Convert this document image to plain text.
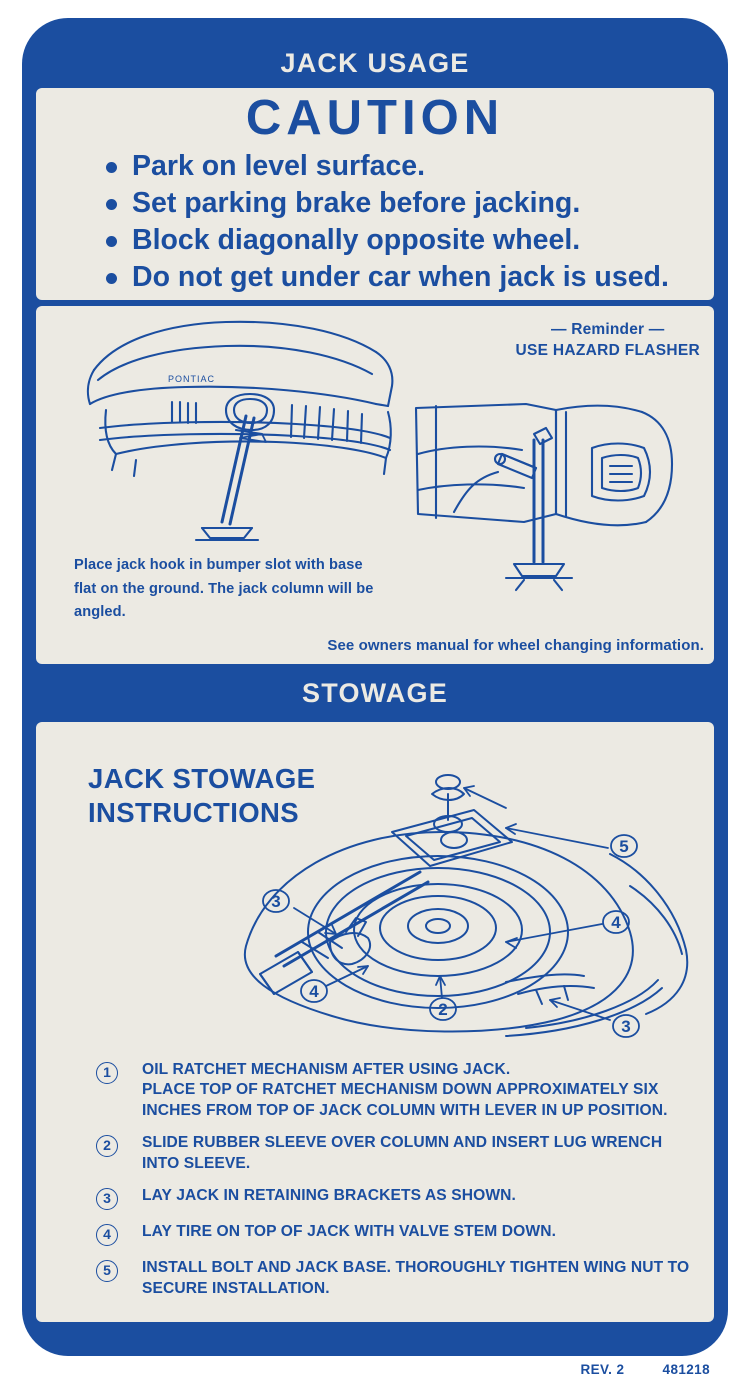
JACK USAGE
CAUTION
Park on level surface.
Set parking brake before jacking.
Block diagonally opposite wheel.
Do not get under car when jack is used.
— Reminder —
USE HAZARD FLASHER
PONTIAC
Place jack hook in bumper slot with base flat on the ground. The jack column will be angled.
See owners manual for wheel changing information.
STOWAGE
JACK STOWAGE
INSTRUCTIONS
5
3
4
4
2
3
1	OIL RATCHET MECHANISM AFTER USING JACK.
PLACE TOP OF RATCHET MECHANISM DOWN APPROXIMATELY SIX INCHES FROM TOP OF JACK COLUMN WITH LEVER IN UP POSITION.
2	SLIDE RUBBER SLEEVE OVER COLUMN AND INSERT LUG WRENCH INTO SLEEVE.
3	LAY JACK IN RETAINING BRACKETS AS SHOWN.
4	LAY TIRE ON TOP OF JACK WITH VALVE STEM DOWN.
5	INSTALL BOLT AND JACK BASE. THOROUGHLY TIGHTEN WING NUT TO SECURE INSTALLATION.
REV. 2	481218
